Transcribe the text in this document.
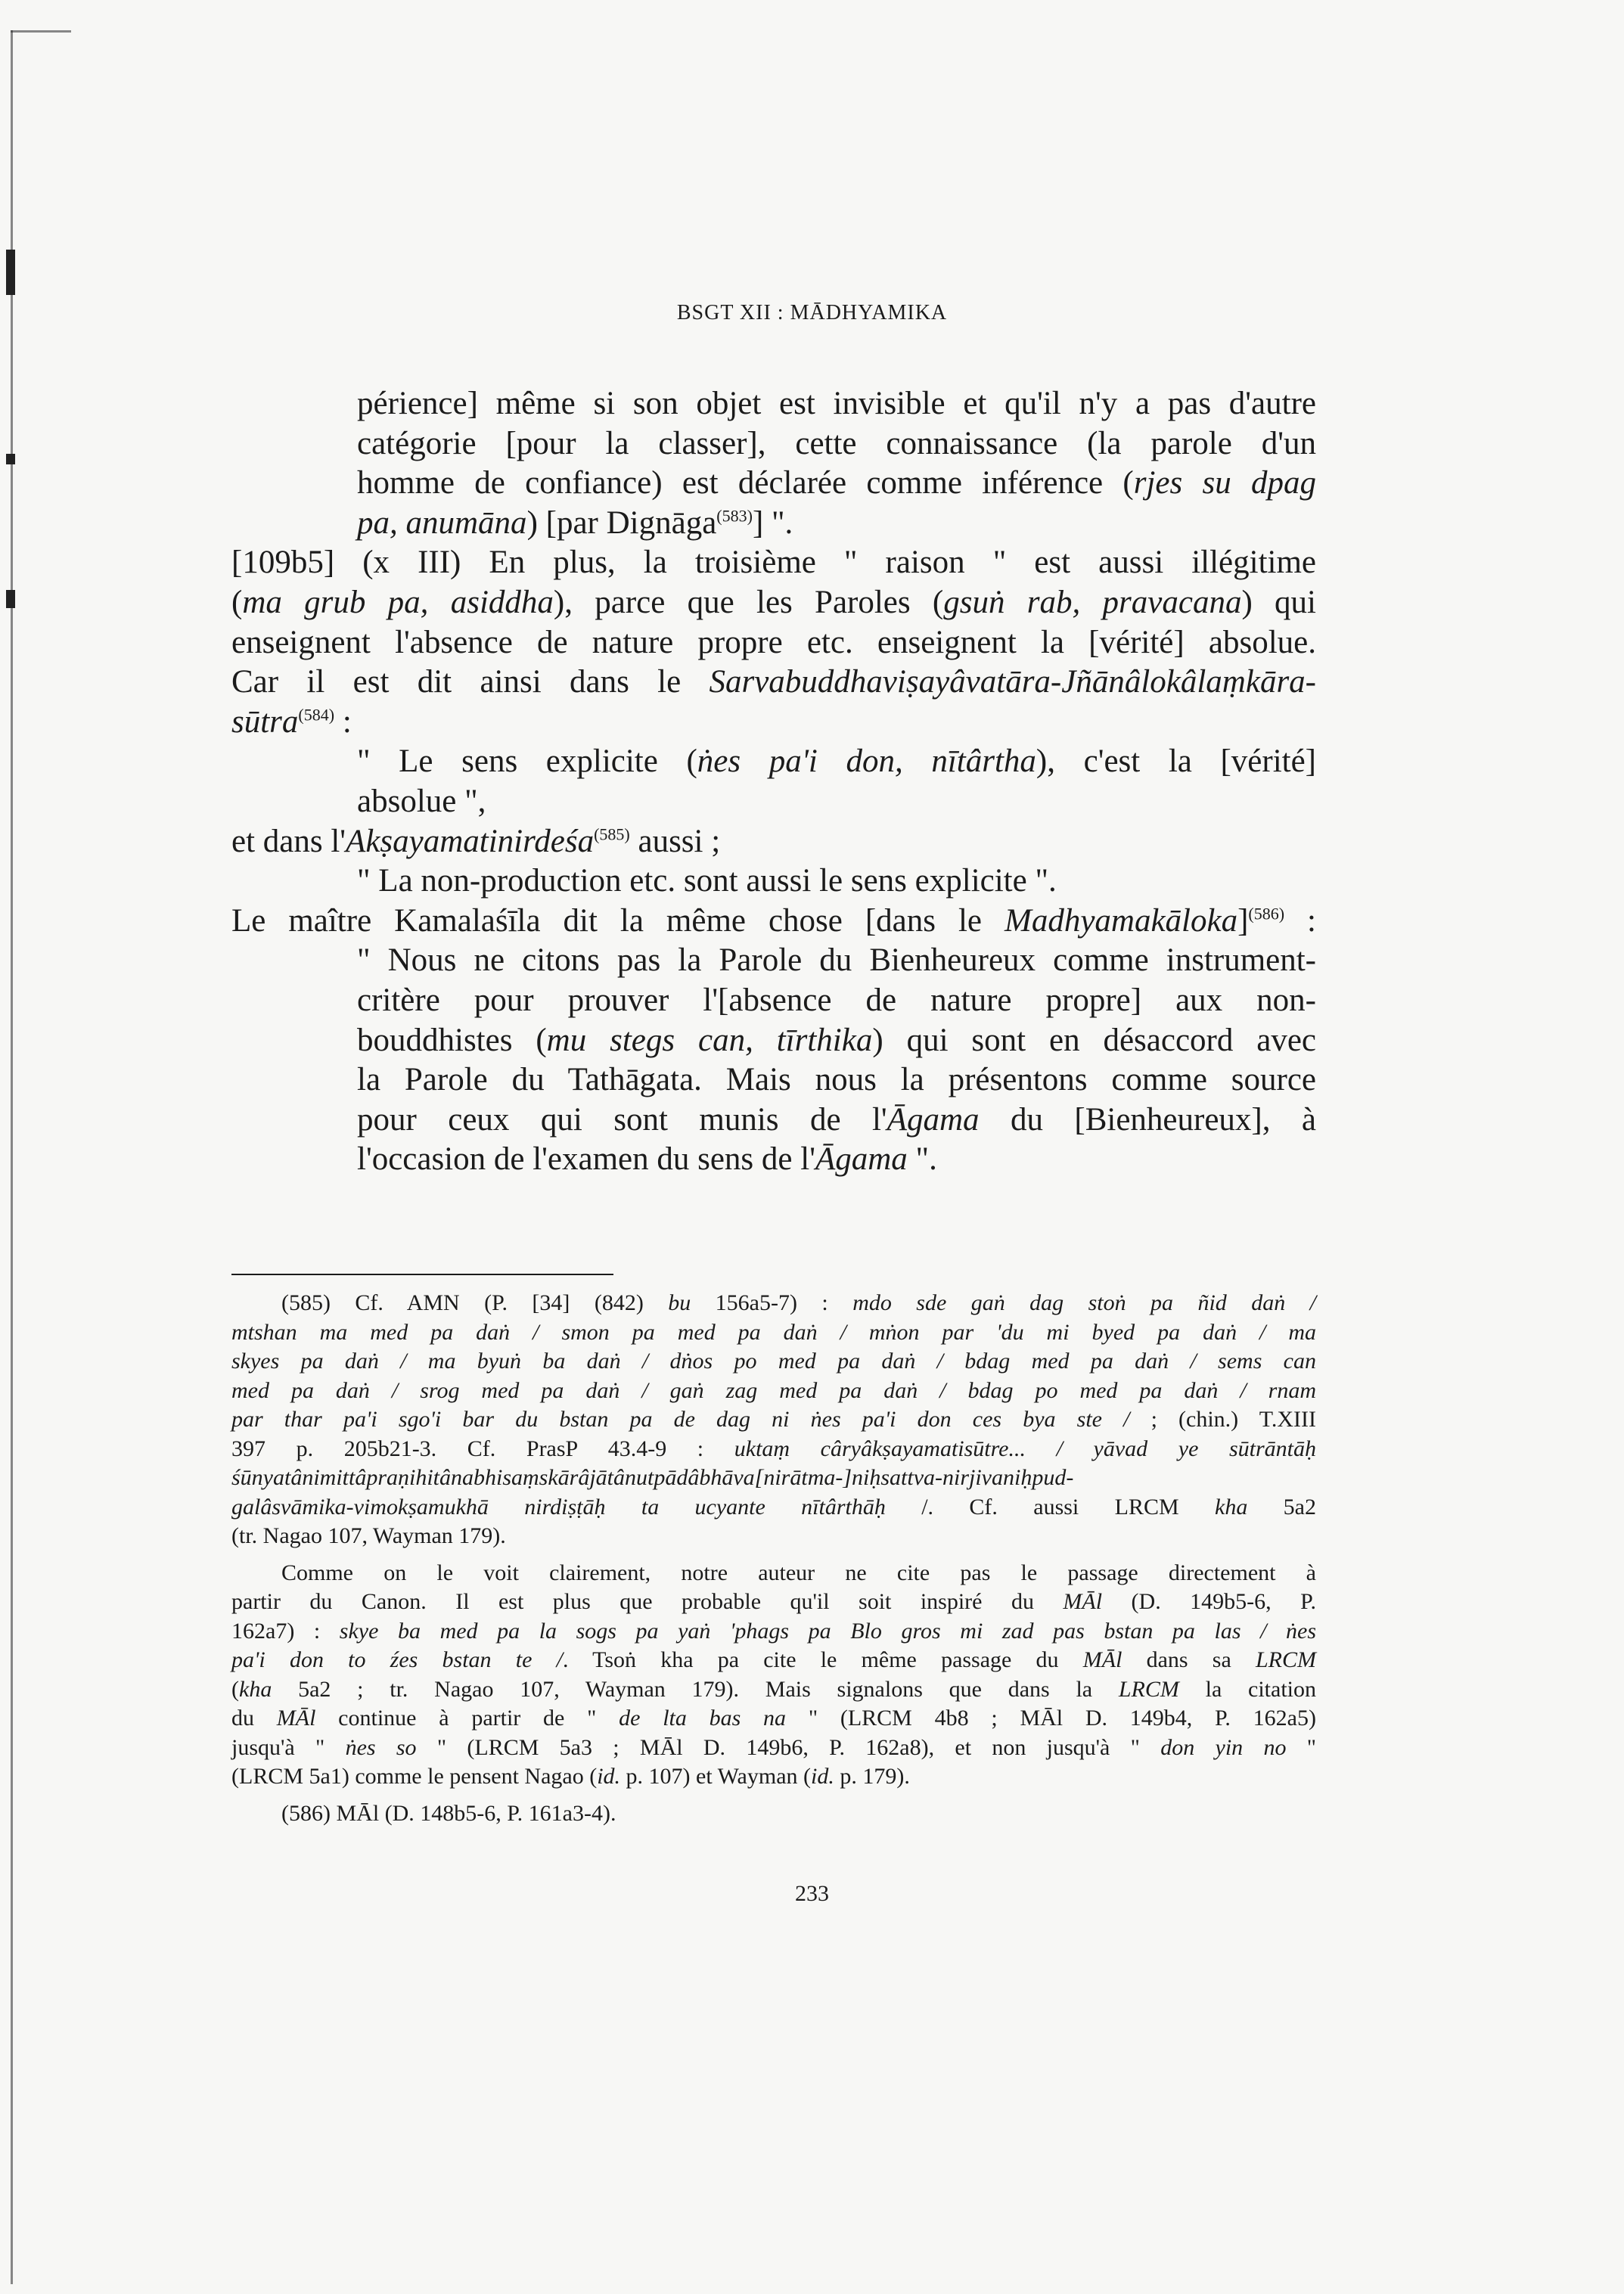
BSGT XII : MĀDHYAMIKA
périence] même si son objet est invisible et qu'il n'y a pas d'autre
catégorie [pour la classer], cette connaissance (la parole d'un
homme de confiance) est déclarée comme inférence (rjes su dpag
pa, anumāna) [par Dignāga$^{(583)}$] ".
[109b5] (x III) En plus, la troisième " raison " est aussi illégitime
(ma grub pa, asiddha), parce que les Paroles (gsuṅ rab, pravacana) qui
enseignent l'absence de nature propre etc. enseignent la [vérité] absolue.
Car il est dit ainsi dans le Sarvabuddhaviṣayâvatāra-Jñānâlokâlaṃkāra-
sūtra$^{(584)}$ :
" Le sens explicite (ṅes pa'i don, nītârtha), c'est la [vérité]
absolue ",
et dans l'Akṣayamatinirdeśa$^{(585)}$ aussi ;
" La non-production etc. sont aussi le sens explicite ".
Le maître Kamalaśīla dit la même chose [dans le Madhyamakāloka]$^{(586)}$ :
" Nous ne citons pas la Parole du Bienheureux comme instrument-
critère pour prouver l'[absence de nature propre] aux non-
bouddhistes (mu stegs can, tīrthika) qui sont en désaccord avec
la Parole du Tathāgata. Mais nous la présentons comme source
pour ceux qui sont munis de l'Āgama du [Bienheureux], à
l'occasion de l'examen du sens de l'Āgama ".
(585) Cf. AMN (P. [34] (842) bu 156a5-7) : mdo sde gaṅ dag stoṅ pa ñid daṅ /
mtshan ma med pa daṅ / smon pa med pa daṅ / mṅon par 'du mi byed pa daṅ / ma
skyes pa daṅ / ma byuṅ ba daṅ / dṅos po med pa daṅ / bdag med pa daṅ / sems can
med pa daṅ / srog med pa daṅ / gaṅ zag med pa daṅ / bdag po med pa daṅ / rnam
par thar pa'i sgo'i bar du bstan pa de dag ni ṅes pa'i don ces bya ste / ; (chin.) T.XIII
397 p. 205b21-3. Cf. PrasP 43.4-9 : uktaṃ câryâkṣayamatisūtre... / yāvad ye sūtrāntāḥ
śūnyatânimittâpraṇihitânabhisaṃskārâjātânutpādâbhāva[nirātma-]niḥsattva-nirjivaniḥpud-
galâsvāmika-vimokṣamukhā nirdiṣṭāḥ ta ucyante nītârthāḥ /. Cf. aussi LRCM kha 5a2
(tr. Nagao 107, Wayman 179).
Comme on le voit clairement, notre auteur ne cite pas le passage directement à
partir du Canon. Il est plus que probable qu'il soit inspiré du MĀl (D. 149b5-6, P.
162a7) : skye ba med pa la sogs pa yaṅ 'phags pa Blo gros mi zad pas bstan pa las / ṅes
pa'i don to źes bstan te /. Tsoṅ kha pa cite le même passage du MĀl dans sa LRCM
(kha 5a2 ; tr. Nagao 107, Wayman 179). Mais signalons que dans la LRCM la citation
du MĀl continue à partir de " de lta bas na " (LRCM 4b8 ; MĀl D. 149b4, P. 162a5)
jusqu'à " ṅes so " (LRCM 5a3 ; MĀl D. 149b6, P. 162a8), et non jusqu'à " don yin no "
(LRCM 5a1) comme le pensent Nagao (id. p. 107) et Wayman (id. p. 179).
(586) MĀl (D. 148b5-6, P. 161a3-4).
233
